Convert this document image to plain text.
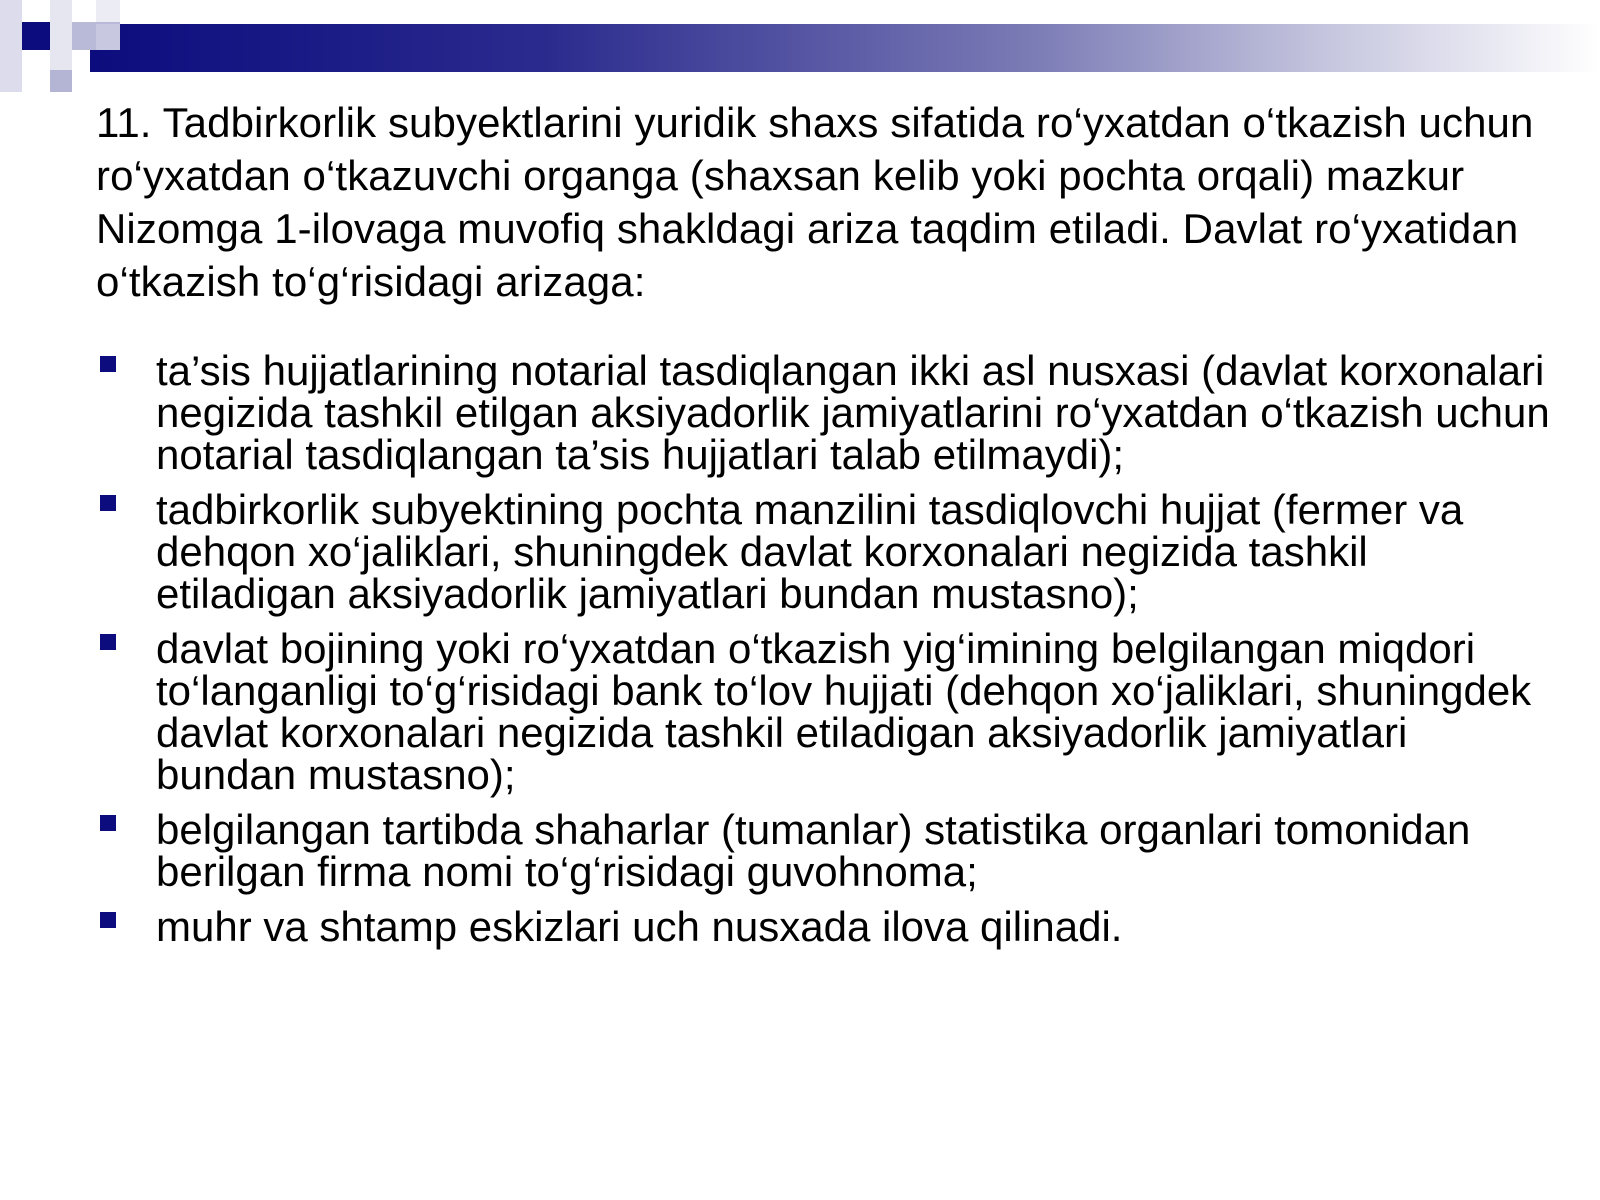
11. Tadbirkorlik subyektlarini yuridik shaxs sifatida ro‘yxatdan o‘tkazish uchun ro‘yxatdan o‘tkazuvchi organga (shaxsan kelib yoki pochta orqali) mazkur Nizomga 1-ilovaga muvofiq shakldagi ariza taqdim etiladi. Davlat ro‘yxatidan o‘tkazish to‘g‘risidagi arizaga:

ta’sis hujjatlarining notarial tasdiqlangan ikki asl nusxasi (davlat korxonalari negizida tashkil etilgan aksiyadorlik jamiyatlarini ro‘yxatdan o‘tkazish uchun notarial tasdiqlangan ta’sis hujjatlari talab etilmaydi);
tadbirkorlik subyektining pochta manzilini tasdiqlovchi hujjat (fermer va dehqon xo‘jaliklari, shuningdek davlat korxonalari negizida tashkil etiladigan aksiyadorlik jamiyatlari bundan mustasno);
davlat bojining yoki ro‘yxatdan o‘tkazish yig‘imining belgilangan miqdori to‘langanligi to‘g‘risidagi bank to‘lov hujjati (dehqon xo‘jaliklari, shuningdek davlat korxonalari negizida tashkil etiladigan aksiyadorlik jamiyatlari bundan mustasno);
belgilangan tartibda shaharlar (tumanlar) statistika organlari tomonidan berilgan firma nomi to‘g‘risidagi guvohnoma;
muhr va shtamp eskizlari uch nusxada ilova qilinadi.
